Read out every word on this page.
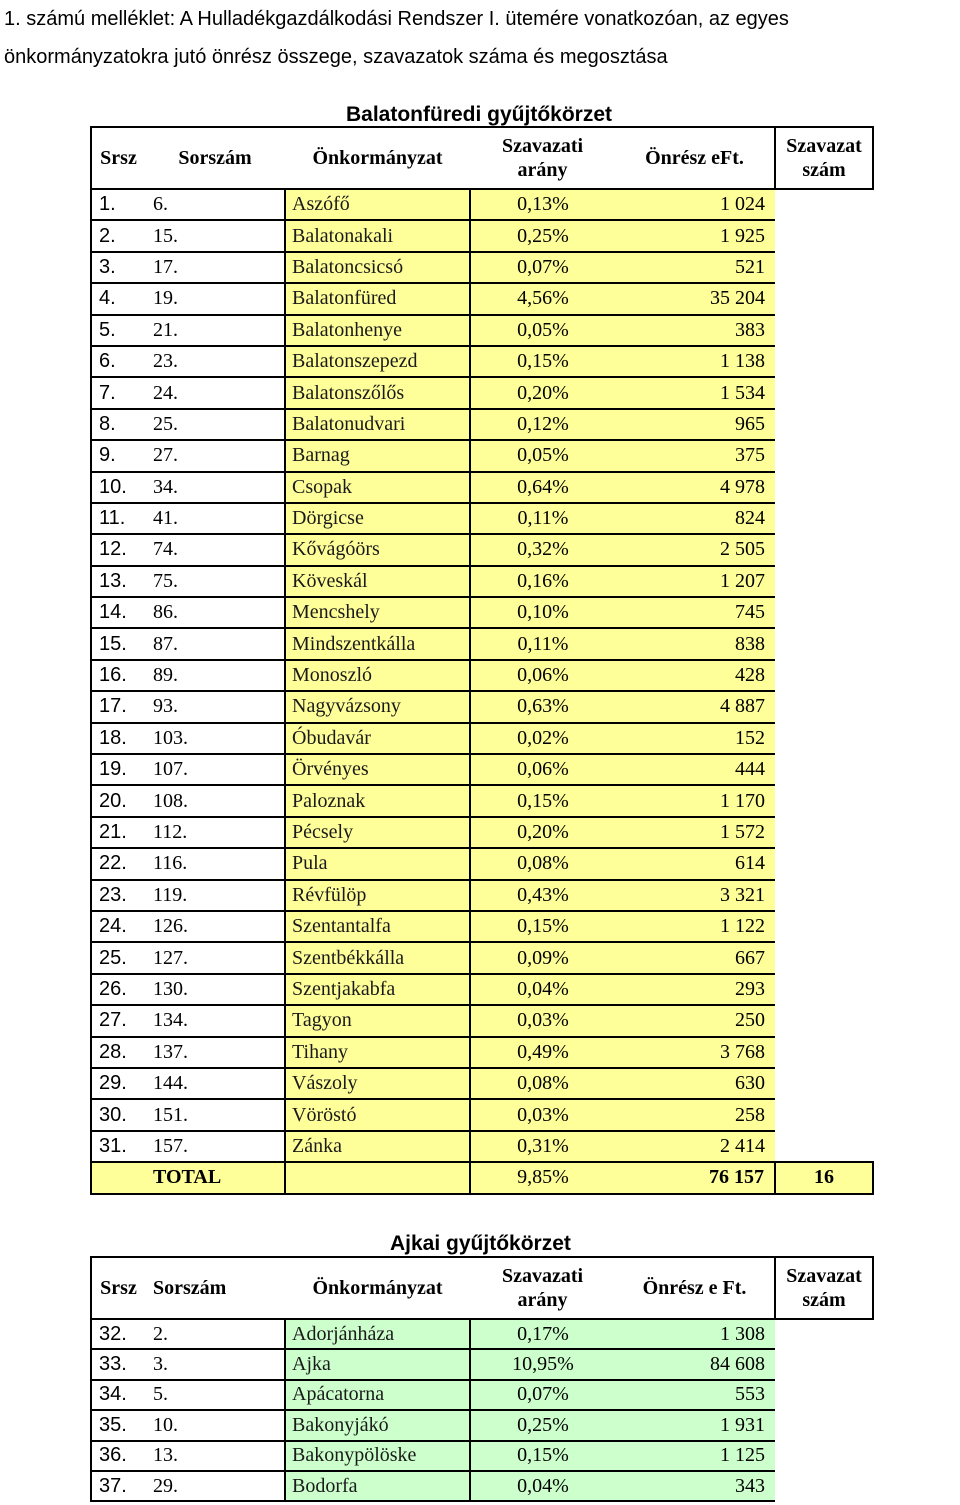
1. számú melléklet: A Hulladékgazdálkodási Rendszer I. ütemére vonatkozóan, az egyes önkormányzatokra jutó önrész összege, szavazatok száma és megosztása

Balatonfüredi gyűjtőkörzet
Srsz	Sorszám	Önkormányzat	Szavazati arány	Önrész eFt.	Szavazat szám
1.	6.	Aszófő	0,13%	1 024	
2.	15.	Balatonakali	0,25%	1 925	
3.	17.	Balatoncsicsó	0,07%	521	
4.	19.	Balatonfüred	4,56%	35 204	
5.	21.	Balatonhenye	0,05%	383	
6.	23.	Balatonszepezd	0,15%	1 138	
7.	24.	Balatonszőlős	0,20%	1 534	
8.	25.	Balatonudvari	0,12%	965	
9.	27.	Barnag	0,05%	375	
10.	34.	Csopak	0,64%	4 978	
11.	41.	Dörgicse	0,11%	824	
12.	74.	Kővágóörs	0,32%	2 505	
13.	75.	Köveskál	0,16%	1 207	
14.	86.	Mencshely	0,10%	745	
15.	87.	Mindszentkálla	0,11%	838	
16.	89.	Monoszló	0,06%	428	
17.	93.	Nagyvázsony	0,63%	4 887	
18.	103.	Óbudavár	0,02%	152	
19.	107.	Örvényes	0,06%	444	
20.	108.	Paloznak	0,15%	1 170	
21.	112.	Pécsely	0,20%	1 572	
22.	116.	Pula	0,08%	614	
23.	119.	Révfülöp	0,43%	3 321	
24.	126.	Szentantalfa	0,15%	1 122	
25.	127.	Szentbékkálla	0,09%	667	
26.	130.	Szentjakabfa	0,04%	293	
27.	134.	Tagyon	0,03%	250	
28.	137.	Tihany	0,49%	3 768	
29.	144.	Vászoly	0,08%	630	
30.	151.	Vöröstó	0,03%	258	
31.	157.	Zánka	0,31%	2 414	
	TOTAL		9,85%	76 157	16
Ajkai gyűjtőkörzet
Srsz	Sorszám	Önkormányzat	Szavazati arány	Önrész e Ft.	Szavazat szám
32.	2.	Adorjánháza	0,17%	1 308	
33.	3.	Ajka	10,95%	84 608	
34.	5.	Apácatorna	0,07%	553	
35.	10.	Bakonyjákó	0,25%	1 931	
36.	13.	Bakonypölöske	0,15%	1 125	
37.	29.	Bodorfa	0,04%	343	
